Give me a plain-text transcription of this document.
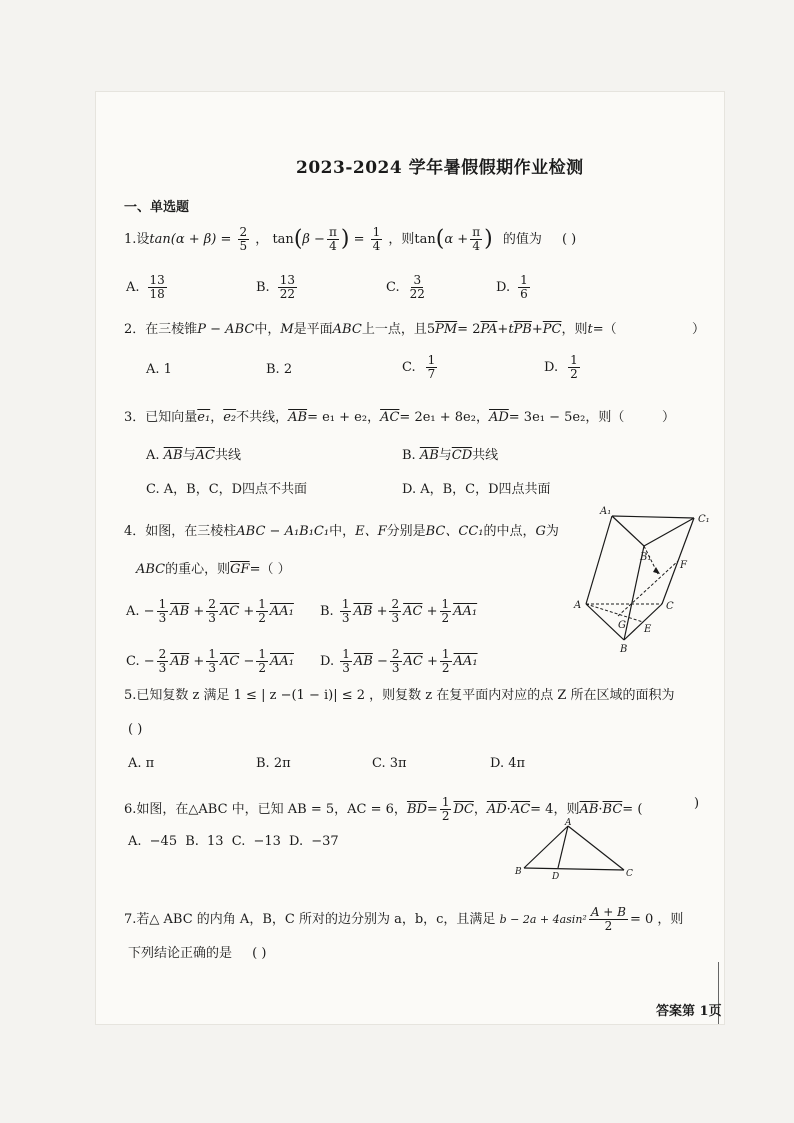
2023-2024 学年暑假假期作业检测
一、单选题
1.设$\tan(\alpha + \beta) = \frac{2}{5}$ ， $\tan(\beta - \frac{\pi}{4}$ ) = $\frac{1}{4}$ ，则$\tan(\alpha + \frac{\pi}{4}$ ) 的值为 ( )
A. $\frac{13}{18}$	B. $\frac{13}{22}$	C. $\frac{3}{22}$	D. $\frac{1}{6}$
2．在三棱锥P − ABC中，M是平面ABC上一点，且$5\overline{PM}= 2\overline{PA}+t\overline{PB}+\overline{PC}$，则t=（	）
A. 1	B. 2	C. $\frac{1}{7}$	D. $\frac{1}{2}$
3．已知向量e₁，e₂不共线，$\overline{AB}= e_1 + e_2$，$\overline{AC}= 2e_1 + 8e_2$，$\overline{AD}= 3e_1 - 5e_2$，则（	）
A. $\overline{AB}$与$\overline{AC}$共线	B. $\overline{AB}$与$\overline{CD}$共线
C. A，B，C，D四点不共面	D. A，B，C，D四点共面
4．如图，在三棱柱ABC − A₁B₁C₁中，E、F分别是BC、CC₁的中点，G为
ABC的重心，则$\overline{GF}=$（ ）
A. − $\frac{1}{3} \overline{AB} + \frac{2}{3} \overline{AC} + \frac{1}{2} AA_1$ B. $\frac{1}{3} \overline{AB} + \frac{2}{3} \overline{AC} + \frac{1}{2} AA_1$
C. − $\frac{2}{3} \overline{AB} + \frac{1}{3} \overline{AC} - \frac{1}{2} AA_1$ D. $\frac{1}{3} \overline{AB} - \frac{2}{3} \overline{AC} + \frac{1}{2} AA_1$
A₁
C₁
B₁
F
A	C
G E
B
5.已知复数 z 满足 1 ≤ | z −(1 − i)| ≤ 2 ，则复数 z 在复平面内对应的点 Z 所在区域的面积为
( )
A. π	B. 2π	C. 3π	D. 4π
6.如图，在△ABC 中，已知 AB = 5，AC = 6，$\overline{BD}= \frac{1}{2} \overline{DC}$，$\overline{AD}\cdot\overline{AC}= 4$，则$\overline{AB}\cdot\overline{BC}=$ (	)
A. −45 B. 13 C. −13 D. −37
A
B	D	C
7.若△ ABC 的内角 A，B，C 所对的边分别为 a，b，c，且满足 $b - 2a + 4asin^2 \frac{A + B}{2} = 0$ ，则
下列结论正确的是 ( )
答案第 1页
